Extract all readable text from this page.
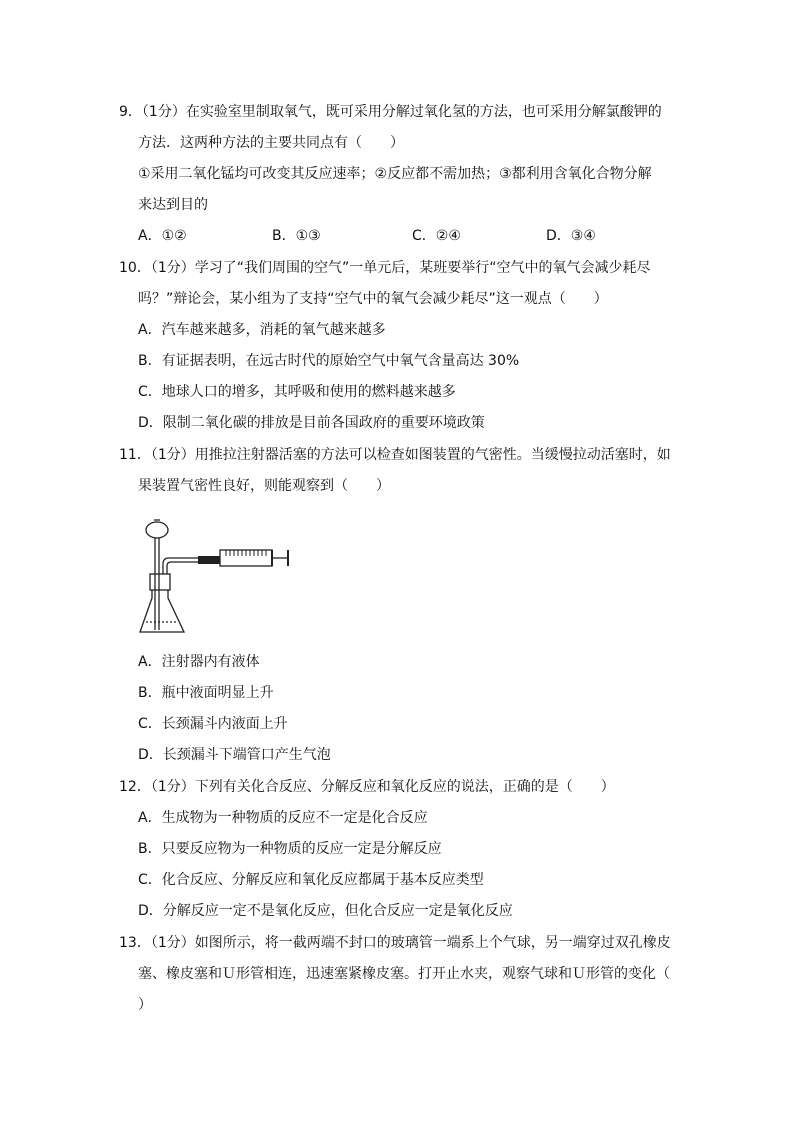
9．（1分）在实验室里制取氧气，既可采用分解过氧化氢的方法，也可采用分解氯酸钾的
方法．这两种方法的主要共同点有（　　）
①采用二氧化锰均可改变其反应速率；②反应都不需加热；③都利用含氧化合物分解
来达到目的
A．①②	B．①③	C．②④	D．③④
10．（1分）学习了“我们周围的空气”一单元后，某班要举行“空气中的氧气会减少耗尽
吗？”辩论会，某小组为了支持“空气中的氧气会减少耗尽”这一观点（　　）
A．汽车越来越多，消耗的氧气越来越多
B．有证据表明，在远古时代的原始空气中氧气含量高达 30%
C．地球人口的增多，其呼吸和使用的燃料越来越多
D．限制二氧化碳的排放是目前各国政府的重要环境政策
11．（1分）用推拉注射器活塞的方法可以检查如图装置的气密性。当缓慢拉动活塞时，如
果装置气密性良好，则能观察到（　　）
A．注射器内有液体
B．瓶中液面明显上升
C．长颈漏斗内液面上升
D．长颈漏斗下端管口产生气泡
12．（1分）下列有关化合反应、分解反应和氧化反应的说法，正确的是（　　）
A．生成物为一种物质的反应不一定是化合反应
B．只要反应物为一种物质的反应一定是分解反应
C．化合反应、分解反应和氧化反应都属于基本反应类型
D．分解反应一定不是氧化反应，但化合反应一定是氧化反应
13．（1分）如图所示，将一截两端不封口的玻璃管一端系上个气球，另一端穿过双孔橡皮
塞、橡皮塞和Ｕ形管相连，迅速塞紧橡皮塞。打开止水夹，观察气球和Ｕ形管的变化（
）
